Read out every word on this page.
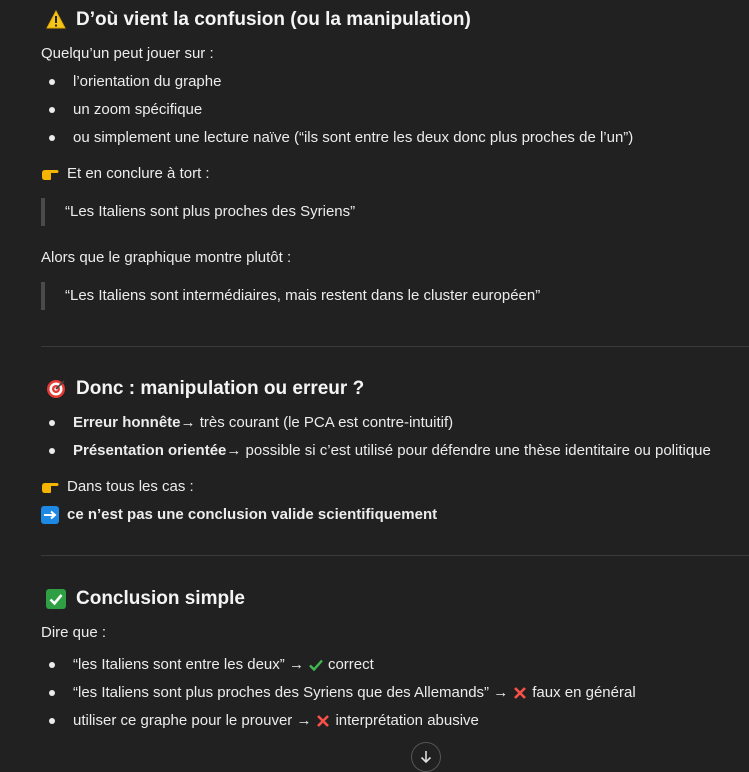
D’où vient la confusion (ou la manipulation)

Quelqu’un peut jouer sur :

l’orientation du graphe
un zoom spécifique
ou simplement une lecture naïve (“ils sont entre les deux donc plus proches de l’un”)

Et en conclure à tort :

“Les Italiens sont plus proches des Syriens”

Alors que le graphique montre plutôt :

“Les Italiens sont intermédiaires, mais restent dans le cluster européen”
Donc : manipulation ou erreur ?
Erreur honnête → très courant (le PCA est contre-intuitif)
Présentation orientée → possible si c’est utilisé pour défendre une thèse identitaire ou politique

Dans tous les cas :

ce n’est pas une conclusion valide scientifiquement

Conclusion simple

Dire que :

“les Italiens sont entre les deux” → correct
“les Italiens sont plus proches des Syriens que des Allemands” → faux en général
utiliser ce graphe pour le prouver → interprétation abusive
